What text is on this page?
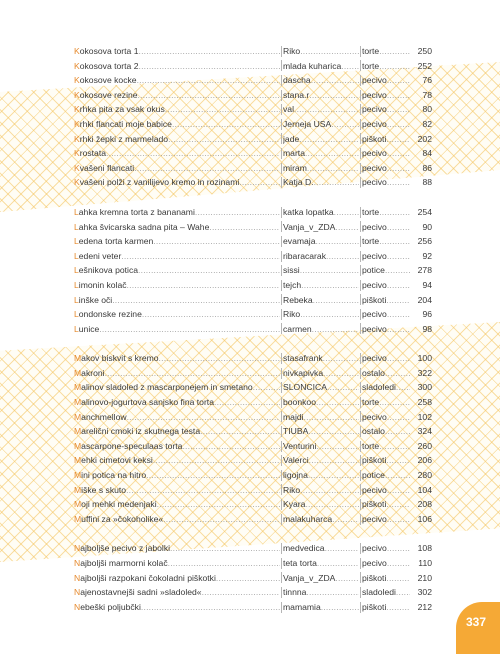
Kokosova torta 1 .....	Riko .....	torte .....	250
Kokosova torta 2 .....	mlada kuharica ..... torte .....	252
Kokosove kocke .....	dascha .....	pecivo .....	76
Kokosove rezine .....	stana.r .....	pecivo .....	78
Krhka pita za vsak okus .....	val .....	pecivo .....	80
Krhki flancati moje babice .....	Jerneja USA .....	pecivo .....	82
Krhki žepki z marmelado .....	jade .....	piškoti .....	202
Krostata .....	marta .....	pecivo .....	84
Kvašeni flancati .....	miram .....	pecivo .....	86
Kvašeni polži z vanilijevo kremo in rozinami .....	Katja D. .....	pecivo .....	88
Lahka kremna torta z bananami .....	katka lopatka .....	torte .....	254
Lahka švicarska sadna pita – Wahe .....	Vanja_v_ZDA .....	pecivo .....	90
Ledena torta karmen .....	evamaja .....	torte .....	256
Ledeni veter .....	ribaracarak .....	pecivo .....	92
Lešnikova potica .....	sissi .....	potice .....	278
Limonin kolač .....	tejch .....	pecivo .....	94
Linške oči .....	Rebeka .....	piškoti .....	204
Londonske rezine .....	Riko .....	pecivo .....	96
Lunice .....	carmen .....	pecivo .....	98
Makov biskvit s kremo .....	stasafrank .....	pecivo .....	100
Makroni .....	nivkapivka .....	ostalo .....	322
Malinov sladoled z mascarponejem in smetano .....	SLONCICA .....	sladoledi .....	300
Malinovo-jogurtova sanjsko fina torta .....	boonkoo .....	torte .....	258
Manchmellow .....	majdi .....	pecivo .....	102
Marelični cmoki iz skutnega testa .....	TIUBA .....	ostalo .....	324
Mascarpone-speculaas torta .....	Venturini .....	torte .....	260
Mehki cimetovi keksi .....	Valerci .....	piškoti .....	206
Mini potica na hitro .....	ligojna .....	potice .....	280
Miške s skuto .....	Riko .....	pecivo .....	104
Moji mehki medenjaki .....	Kyara .....	piškoti .....	208
Muffini za »čokoholike« .....	malakuharca .....	pecivo .....	106
Najboljše pecivo z jabolki .....	medvedica .....	pecivo .....	108
Najboljši marmorni kolač .....	teta torta .....	pecivo .....	110
Najboljši razpokani čokoladni piškotki .....	Vanja_v_ZDA .....	piškoti .....	210
Najenostavnejši sadni »sladoled« .....	tinnna .....	sladoledi .....	302
Nebeški poljubčki .....	mamamia .....	piškoti .....	212
337
